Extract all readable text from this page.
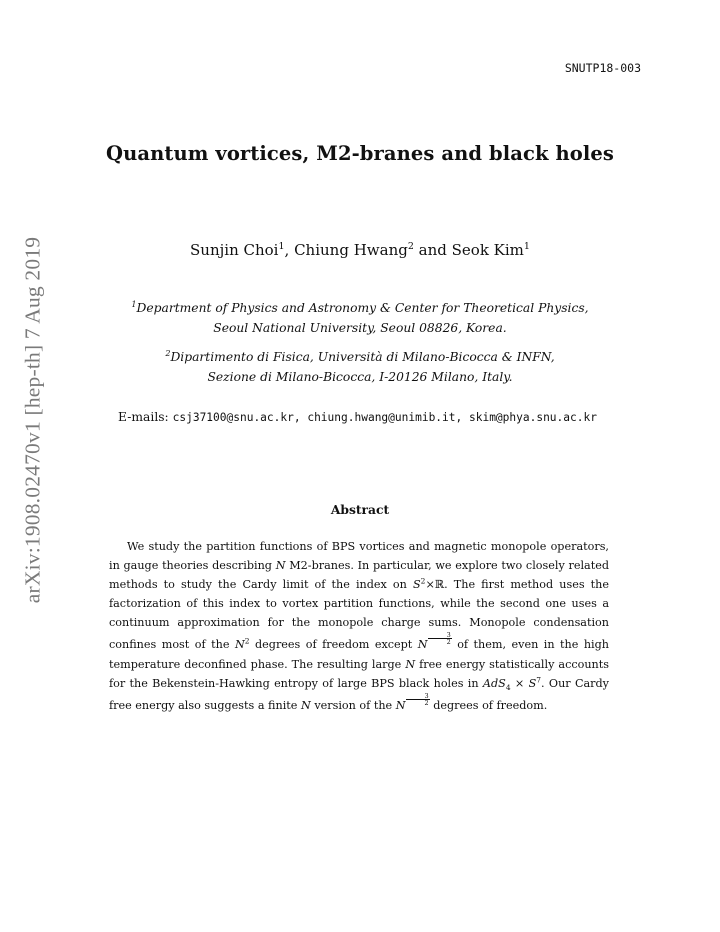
SNUTP18-003
arXiv:1908.02470v1 [hep-th] 7 Aug 2019
Quantum vortices, M2-branes and black holes
Sunjin Choi$^1$, Chiung Hwang$^2$ and Seok Kim$^1$
$^1$Department of Physics and Astronomy & Center for Theoretical Physics,
Seoul National University, Seoul 08826, Korea.
$^2$Dipartimento di Fisica, Università di Milano-Bicocca & INFN,
Sezione di Milano-Bicocca, I-20126 Milano, Italy.
E-mails: csj37100@snu.ac.kr, chiung.hwang@unimib.it, skim@phya.snu.ac.kr
Abstract
We study the partition functions of BPS vortices and magnetic monopole operators, in gauge theories describing N M2-branes. In particular, we explore two closely related methods to study the Cardy limit of the index on $S^2\times ℝ$. The first method uses the factorization of this index to vortex partition functions, while the second one uses a continuum approximation for the monopole charge sums. Monopole condensation confines most of the $N^2$ degrees of freedom except N $\frac{3}{2}$ of them, even in the high temperature deconfined phase. The resulting large N free energy statistically accounts for the Bekenstein-Hawking entropy of large BPS black holes in $AdS_4 \times S^7$. Our Cardy free energy also suggests a finite N version of the N $\frac{3}{2}$ degrees of freedom.
